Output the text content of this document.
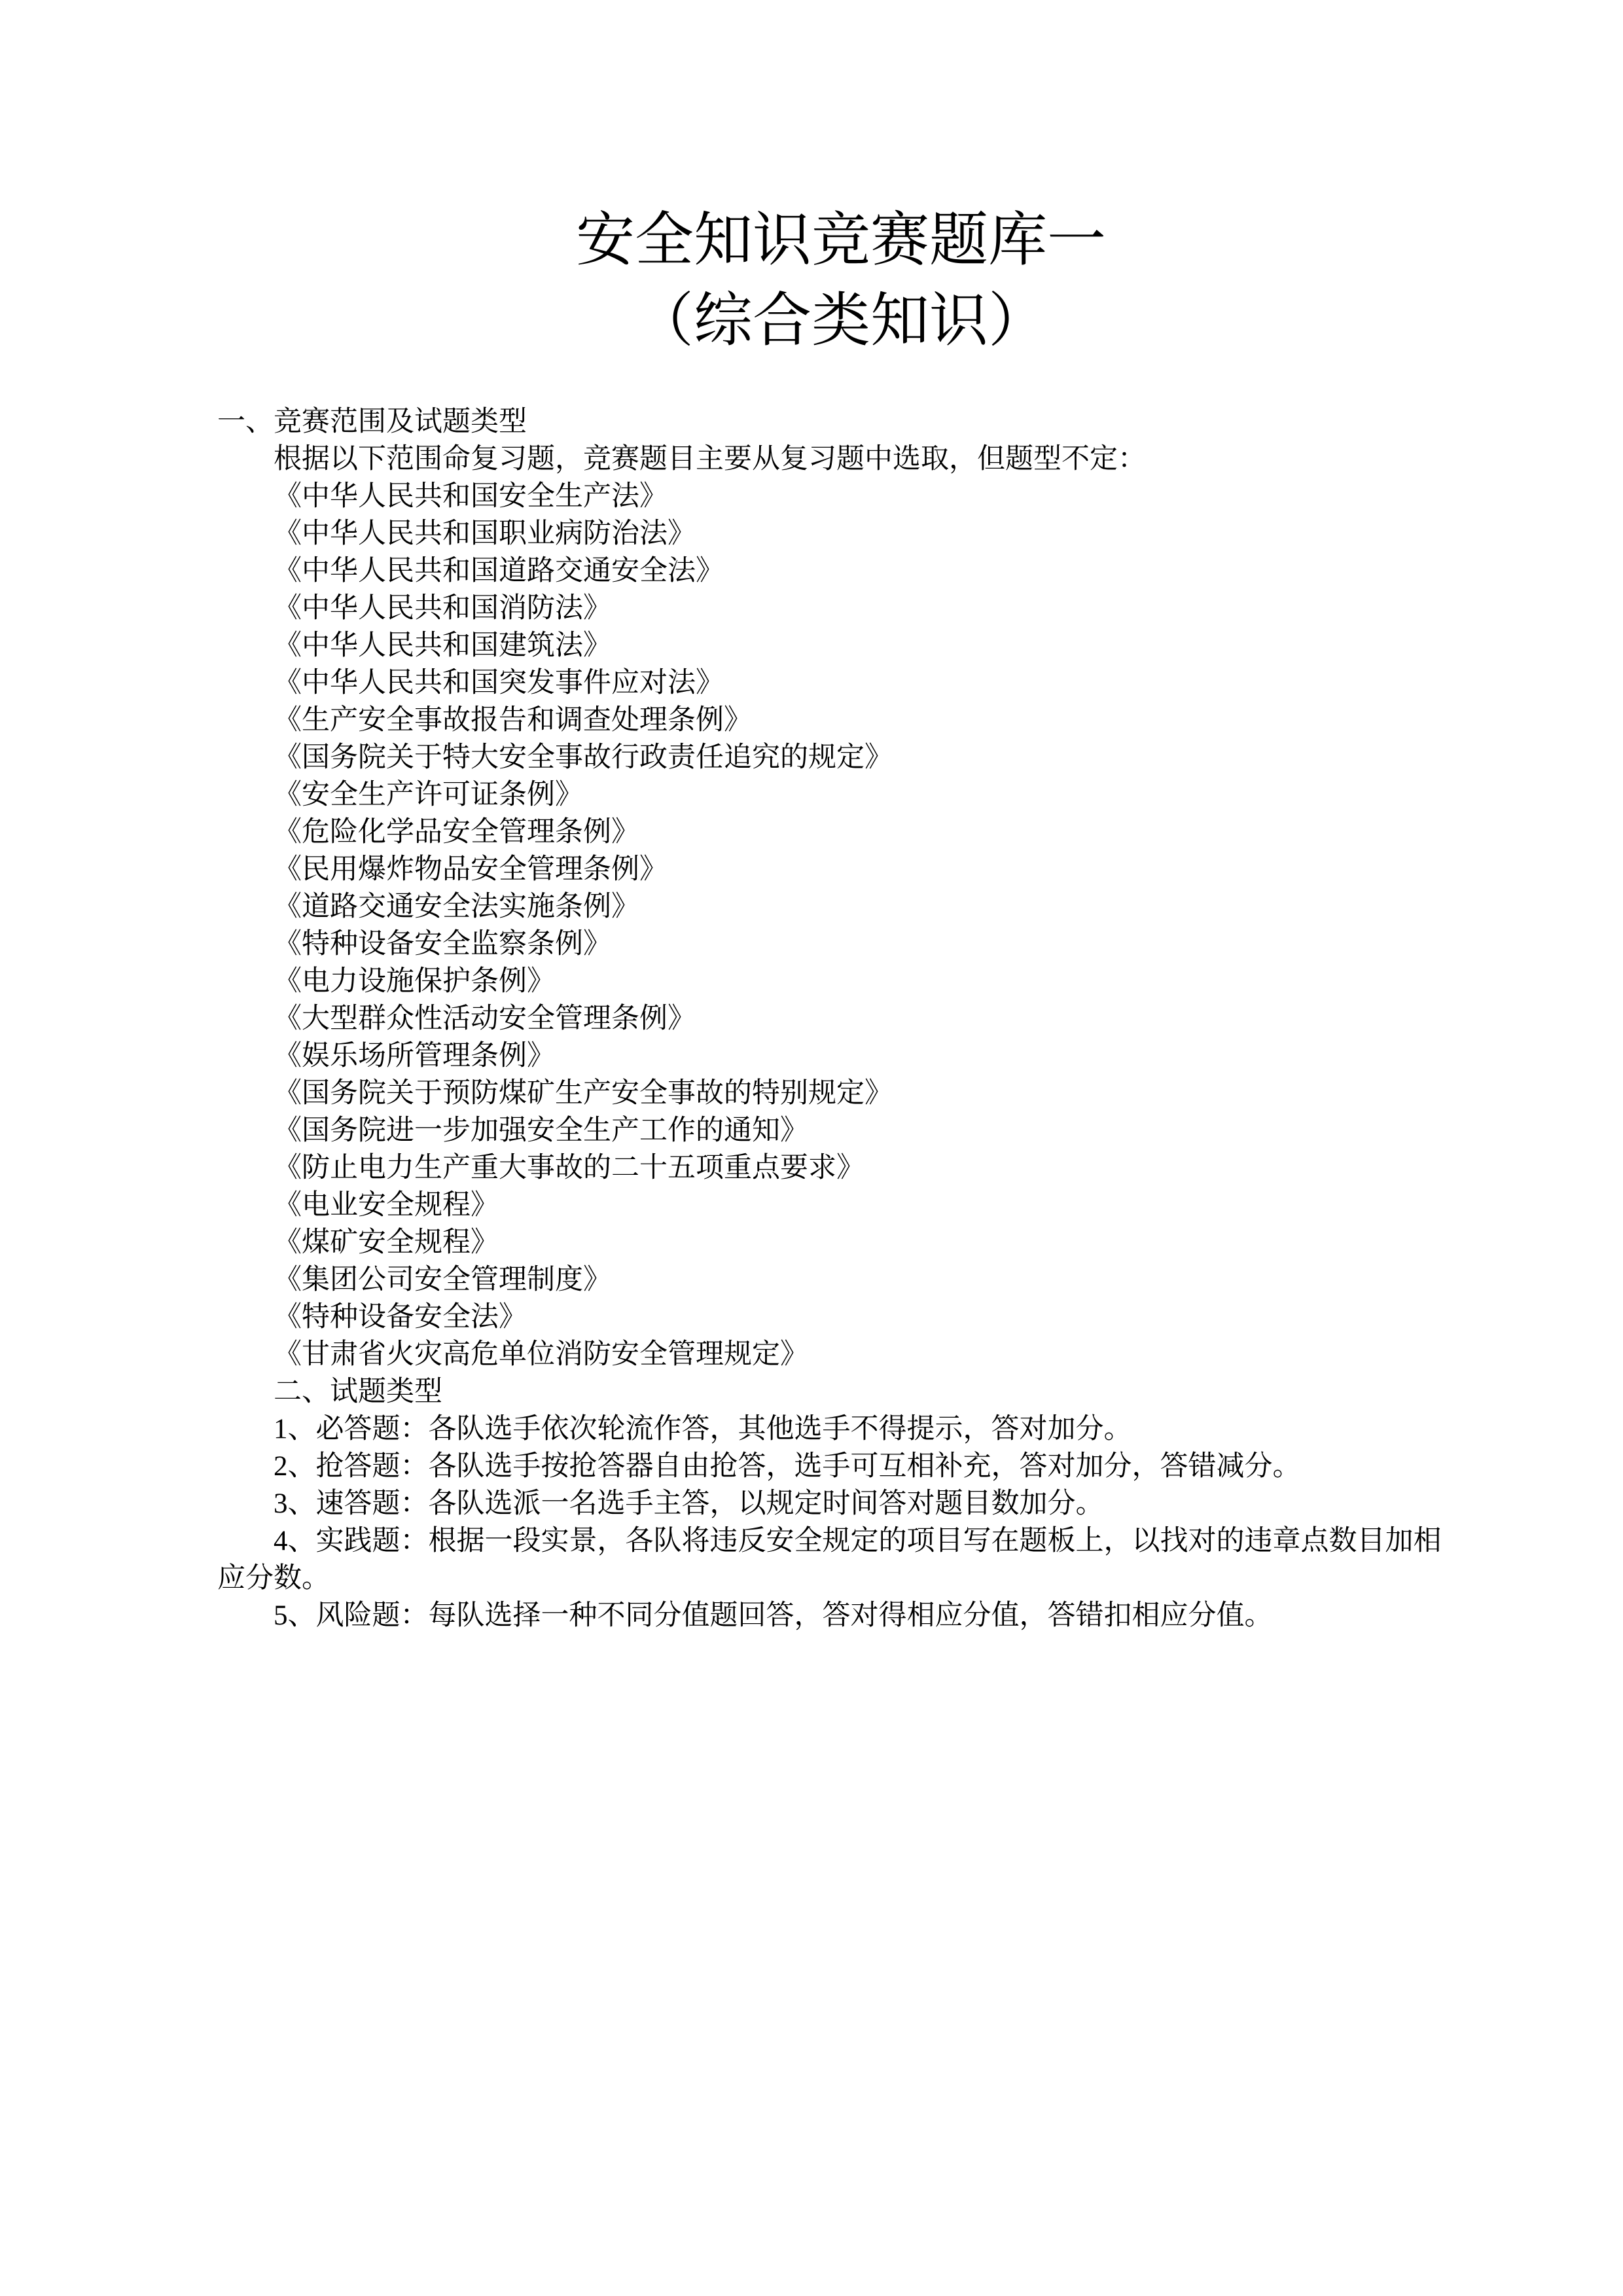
安全知识竞赛题库一
（综合类知识）
一、竞赛范围及试题类型
根据以下范围命复习题，竞赛题目主要从复习题中选取，但题型不定：
《中华人民共和国安全生产法》
《中华人民共和国职业病防治法》
《中华人民共和国道路交通安全法》
《中华人民共和国消防法》
《中华人民共和国建筑法》
《中华人民共和国突发事件应对法》
《生产安全事故报告和调查处理条例》
《国务院关于特大安全事故行政责任追究的规定》
《安全生产许可证条例》
《危险化学品安全管理条例》
《民用爆炸物品安全管理条例》
《道路交通安全法实施条例》
《特种设备安全监察条例》
《电力设施保护条例》
《大型群众性活动安全管理条例》
《娱乐场所管理条例》
《国务院关于预防煤矿生产安全事故的特别规定》
《国务院进一步加强安全生产工作的通知》
《防止电力生产重大事故的二十五项重点要求》
《电业安全规程》
《煤矿安全规程》
《集团公司安全管理制度》
《特种设备安全法》
《甘肃省火灾高危单位消防安全管理规定》
二、试题类型
1、必答题：各队选手依次轮流作答，其他选手不得提示，答对加分。
2、抢答题：各队选手按抢答器自由抢答，选手可互相补充，答对加分，答错减分。
3、速答题：各队选派一名选手主答，以规定时间答对题目数加分。
4、实践题：根据一段实景，各队将违反安全规定的项目写在题板上，以找对的违章点数目加相
应分数。
5、风险题：每队选择一种不同分值题回答，答对得相应分值，答错扣相应分值。
